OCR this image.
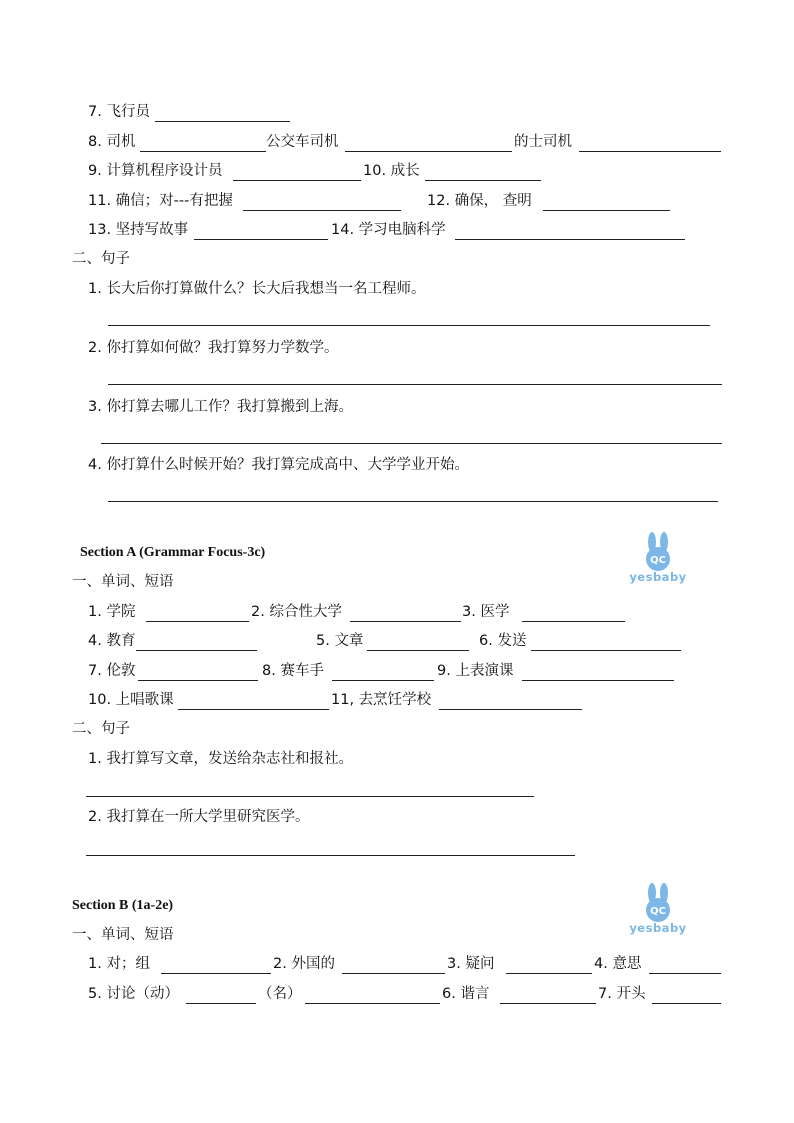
7. 飞行员
8. 司机	公交车司机	的士司机
9. 计算机程序设计员	10. 成长
11. 确信；对---有把握	12. 确保， 查明
13. 坚持写故事	14. 学习电脑科学
二、句子
1. 长大后你打算做什么？长大后我想当一名工程师。
2. 你打算如何做？我打算努力学数学。
3. 你打算去哪儿工作？我打算搬到上海。
4. 你打算什么时候开始？我打算完成高中、大学学业开始。
Section A (Grammar Focus-3c)
QC
yesbaby
一、单词、短语
1. 学院	2. 综合性大学	3. 医学
4. 教育	5. 文章	6. 发送
7. 伦敦	8. 赛车手	9. 上表演课
10. 上唱歌课	11, 去烹饪学校
二、句子
1. 我打算写文章，发送给杂志社和报社。
2. 我打算在一所大学里研究医学。
Section B (1a-2e)	QC
yesbaby
一、单词、短语
1. 对；组	2. 外国的	3. 疑问	4. 意思
5. 讨论（动）	（名）	6. 谐言	7. 开头
